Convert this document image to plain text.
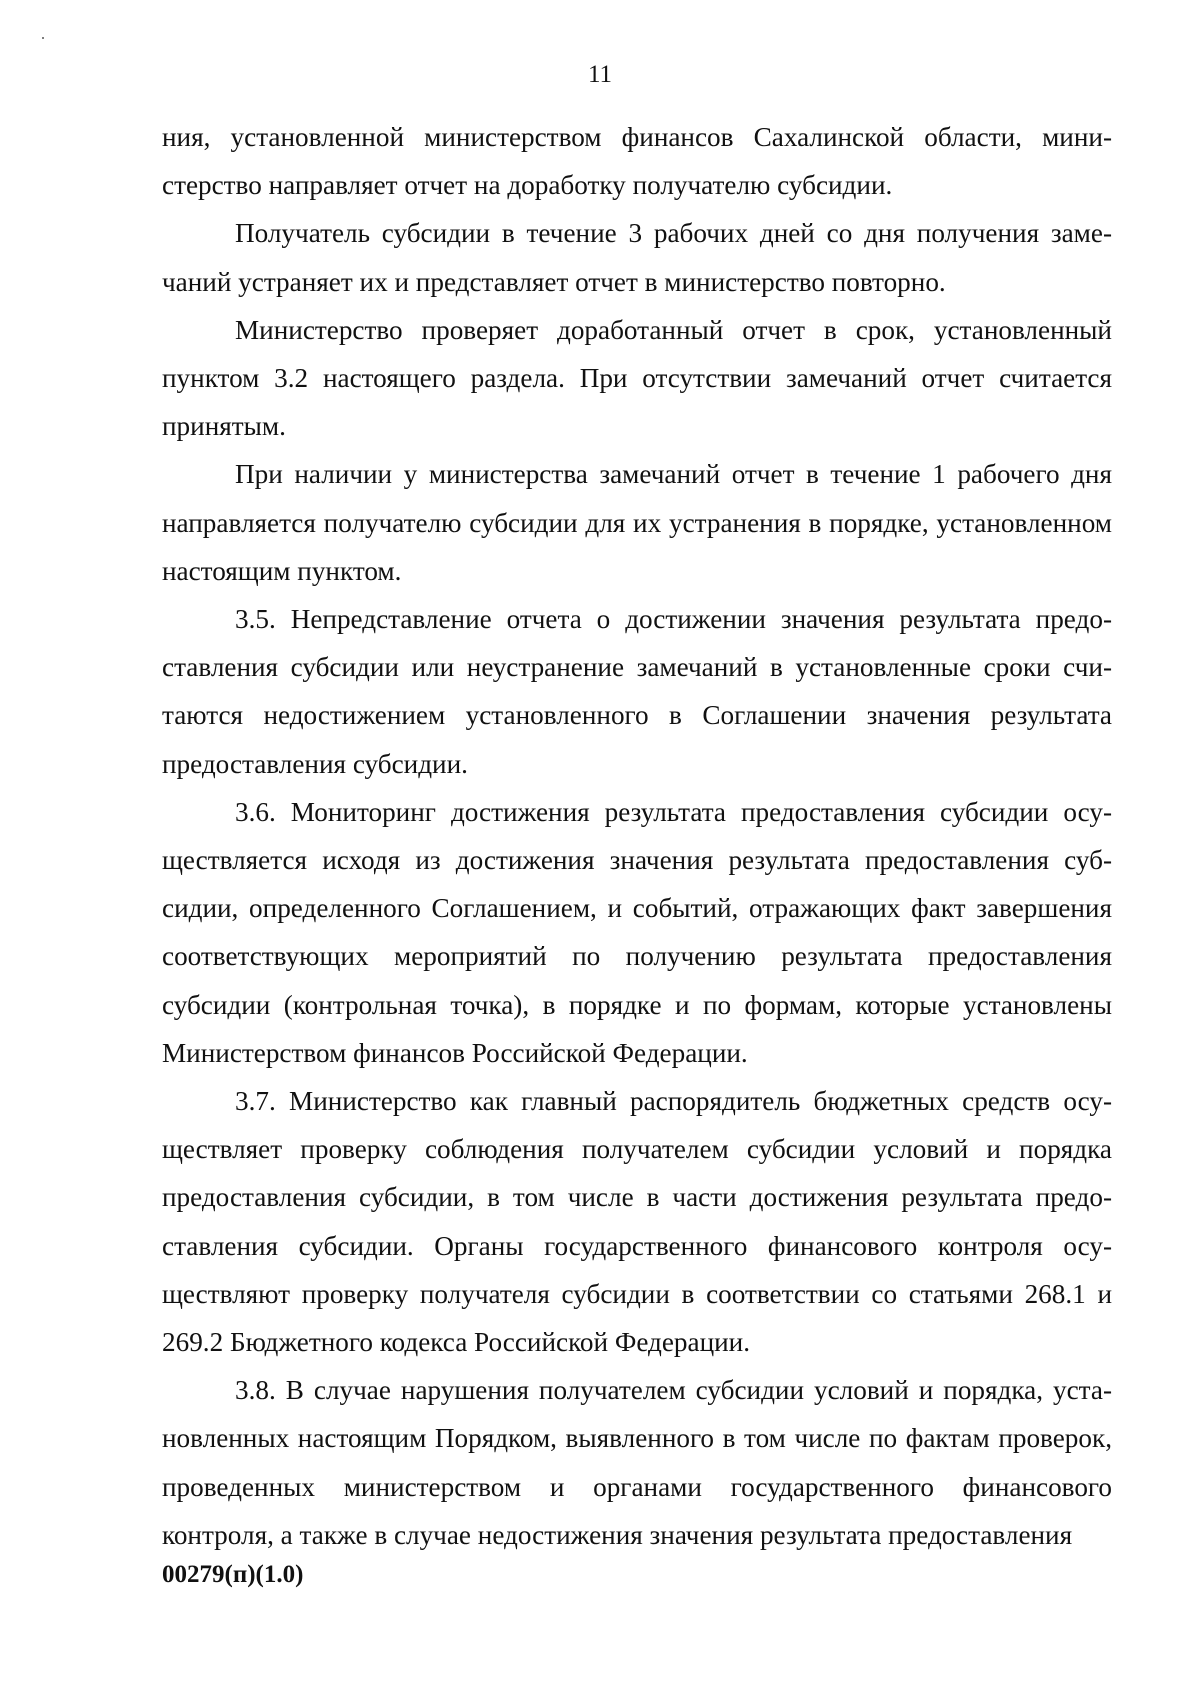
11

ния, установленной министерством финансов Сахалинской области, министерство направляет отчет на доработку получателю субсидии.

Получатель субсидии в течение 3 рабочих дней со дня получения замечаний устраняет их и представляет отчет в министерство повторно.

Министерство проверяет доработанный отчет в срок, установленный пунктом 3.2 настоящего раздела. При отсутствии замечаний отчет считается принятым.

При наличии у министерства замечаний отчет в течение 1 рабочего дня направляется получателю субсидии для их устранения в порядке, установленном настоящим пунктом.

3.5. Непредставление отчета о достижении значения результата предоставления субсидии или неустранение замечаний в установленные сроки считаются недостижением установленного в Соглашении значения результата предоставления субсидии.

3.6. Мониторинг достижения результата предоставления субсидии осуществляется исходя из достижения значения результата предоставления субсидии, определенного Соглашением, и событий, отражающих факт завершения соответствующих мероприятий по получению результата предоставления субсидии (контрольная точка), в порядке и по формам, которые установлены Министерством финансов Российской Федерации.

3.7. Министерство как главный распорядитель бюджетных средств осуществляет проверку соблюдения получателем субсидии условий и порядка предоставления субсидии, в том числе в части достижения результата предоставления субсидии. Органы государственного финансового контроля осуществляют проверку получателя субсидии в соответствии со статьями 268.1 и 269.2 Бюджетного кодекса Российской Федерации.

3.8. В случае нарушения получателем субсидии условий и порядка, установленных настоящим Порядком, выявленного в том числе по фактам проверок, проведенных министерством и органами государственного финансового контроля, а также в случае недостижения значения результата предоставления

00279(п)(1.0)
